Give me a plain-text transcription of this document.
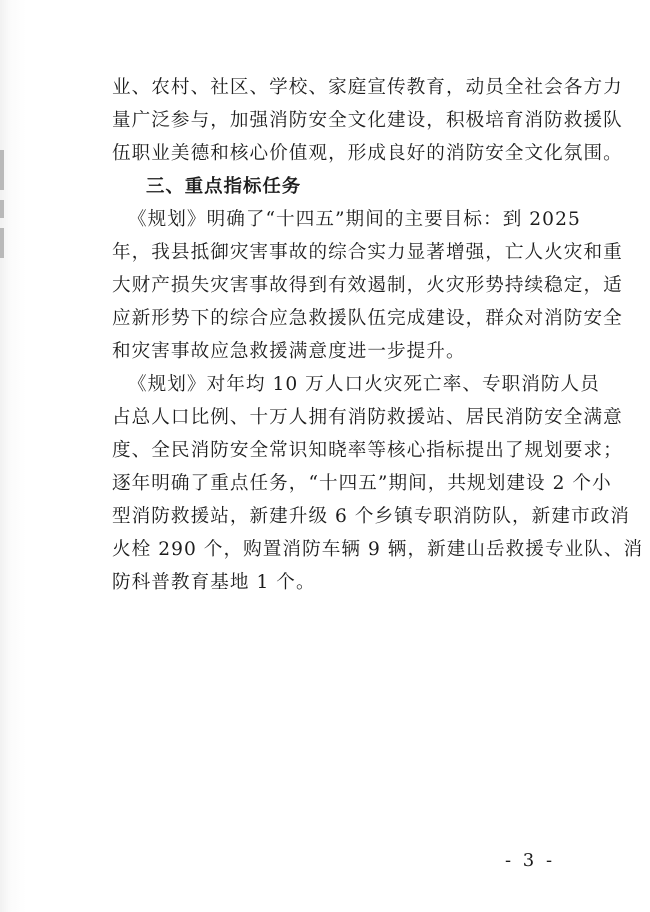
业、农村、社区、学校、家庭宣传教育，动员全社会各方力
量广泛参与，加强消防安全文化建设，积极培育消防救援队
伍职业美德和核心价值观，形成良好的消防安全文化氛围。
三、重点指标任务
《规划》明确了“十四五”期间的主要目标：到 2025
年，我县抵御灾害事故的综合实力显著增强，亡人火灾和重
大财产损失灾害事故得到有效遏制，火灾形势持续稳定，适
应新形势下的综合应急救援队伍完成建设，群众对消防安全
和灾害事故应急救援满意度进一步提升。
《规划》对年均 10 万人口火灾死亡率、专职消防人员
占总人口比例、十万人拥有消防救援站、居民消防安全满意
度、全民消防安全常识知晓率等核心指标提出了规划要求；
逐年明确了重点任务，“十四五”期间，共规划建设 2 个小
型消防救援站，新建升级 6 个乡镇专职消防队，新建市政消
火栓 290 个，购置消防车辆 9 辆，新建山岳救援专业队、消
防科普教育基地 1 个。
- 3 -
